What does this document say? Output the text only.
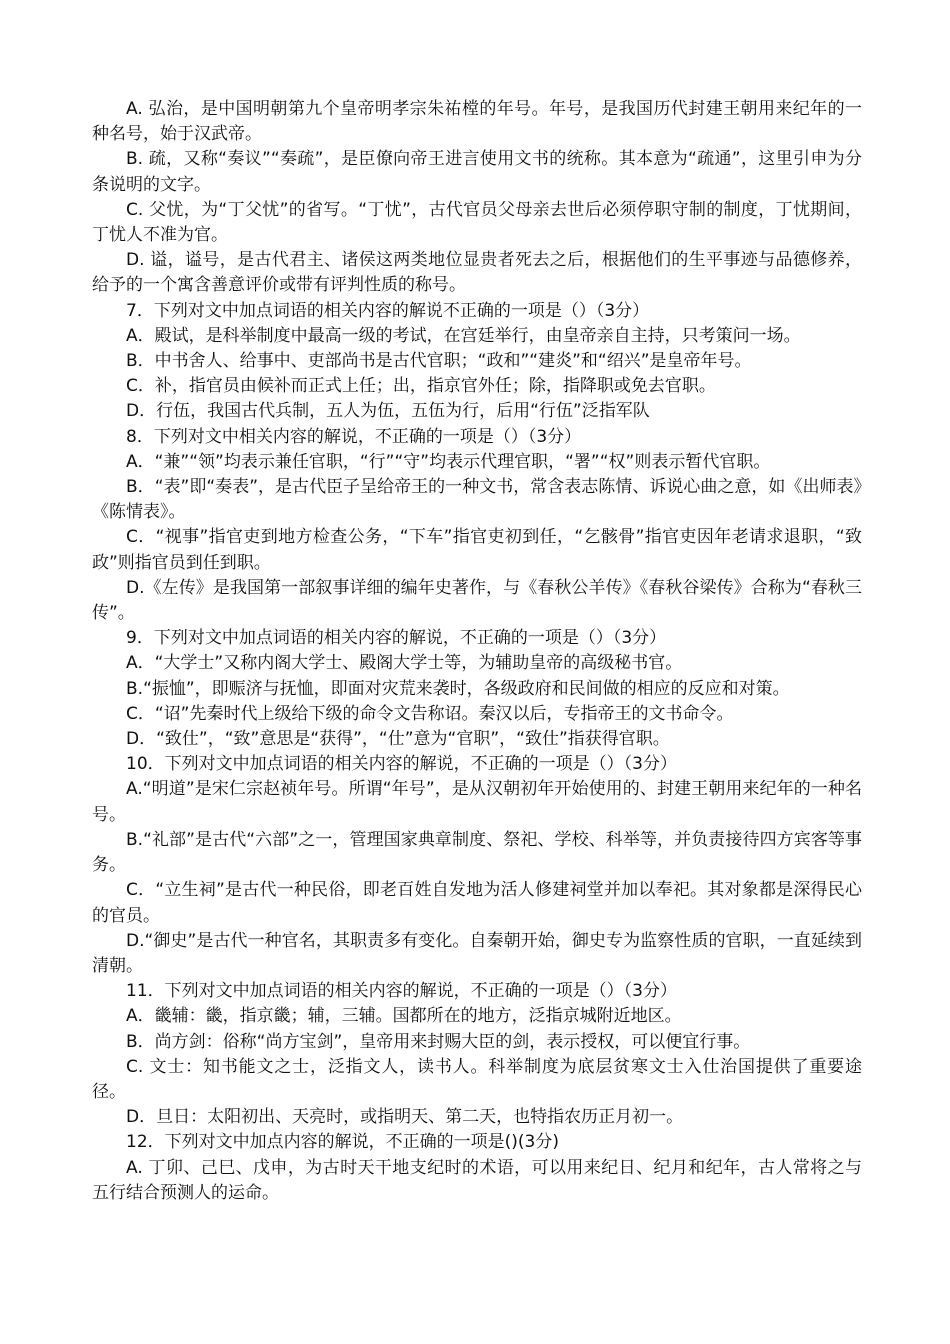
A. 弘治，是中国明朝第九个皇帝明孝宗朱祐樘的年号。年号，是我国历代封建王朝用来纪年的一种名号，始于汉武帝。

B. 疏，又称“奏议”“奏疏”，是臣僚向帝王进言使用文书的统称。其本意为“疏通”，这里引申为分条说明的文字。

C. 父忧，为“丁父忧”的省写。“丁忧”，古代官员父母亲去世后必须停职守制的制度，丁忧期间，丁忧人不准为官。

D. 谥，谥号，是古代君主、诸侯这两类地位显贵者死去之后，根据他们的生平事迹与品德修养，给予的一个寓含善意评价或带有评判性质的称号。

7．下列对文中加点词语的相关内容的解说不正确的一项是（）（3分）

A．殿试，是科举制度中最高一级的考试，在宫廷举行，由皇帝亲自主持，只考策问一场。

B．中书舍人、给事中、吏部尚书是古代官职；“政和”“建炎”和“绍兴”是皇帝年号。

C．补，指官员由候补而正式上任；出，指京官外任；除，指降职或免去官职。

D．行伍，我国古代兵制，五人为伍，五伍为行，后用“行伍”泛指军队

8．下列对文中相关内容的解说，不正确的一项是（）（3分）

A．“兼”“领”均表示兼任官职，“行”“守”均表示代理官职，“署”“权”则表示暂代官职。

B．“表”即“奏表”，是古代臣子呈给帝王的一种文书，常含表志陈情、诉说心曲之意，如《出师表》《陈情表》。

C．“视事”指官吏到地方检查公务，“下车”指官吏初到任，“乞骸骨”指官吏因年老请求退职，“致政”则指官员到任到职。

D.《左传》是我国第一部叙事详细的编年史著作，与《春秋公羊传》《春秋谷梁传》合称为“春秋三传”。

9．下列对文中加点词语的相关内容的解说，不正确的一项是（）（3分）

A．“大学士”又称内阁大学士、殿阁大学士等，为辅助皇帝的高级秘书官。

B.“振恤”，即赈济与抚恤，即面对灾荒来袭时，各级政府和民间做的相应的反应和对策。

C．“诏”先秦时代上级给下级的命令文告称诏。秦汉以后，专指帝王的文书命令。

D．“致仕”，“致”意思是“获得”，“仕”意为“官职”，“致仕”指获得官职。

10．下列对文中加点词语的相关内容的解说，不正确的一项是（）（3分）

A.“明道”是宋仁宗赵祯年号。所谓“年号”，是从汉朝初年开始使用的、封建王朝用来纪年的一种名号。

B.“礼部”是古代“六部”之一，管理国家典章制度、祭祀、学校、科举等，并负责接待四方宾客等事务。

C．“立生祠”是古代一种民俗，即老百姓自发地为活人修建祠堂并加以奉祀。其对象都是深得民心的官员。

D.“御史”是古代一种官名，其职责多有变化。自秦朝开始，御史专为监察性质的官职，一直延续到清朝。

11．下列对文中加点词语的相关内容的解说，不正确的一项是（）（3分）

A．畿辅：畿，指京畿；辅，三辅。国都所在的地方，泛指京城附近地区。

B．尚方剑：俗称“尚方宝剑”，皇帝用来封赐大臣的剑，表示授权，可以便宜行事。

C. 文士：知书能文之士，泛指文人，读书人。科举制度为底层贫寒文士入仕治国提供了重要途径。

D．旦日：太阳初出、天亮时，或指明天、第二天，也特指农历正月初一。

12．下列对文中加点内容的解说，不正确的一项是()(3分)

A. 丁卯、己巳、戊申，为古时天干地支纪时的术语，可以用来纪日、纪月和纪年，古人常将之与五行结合预测人的运命。
